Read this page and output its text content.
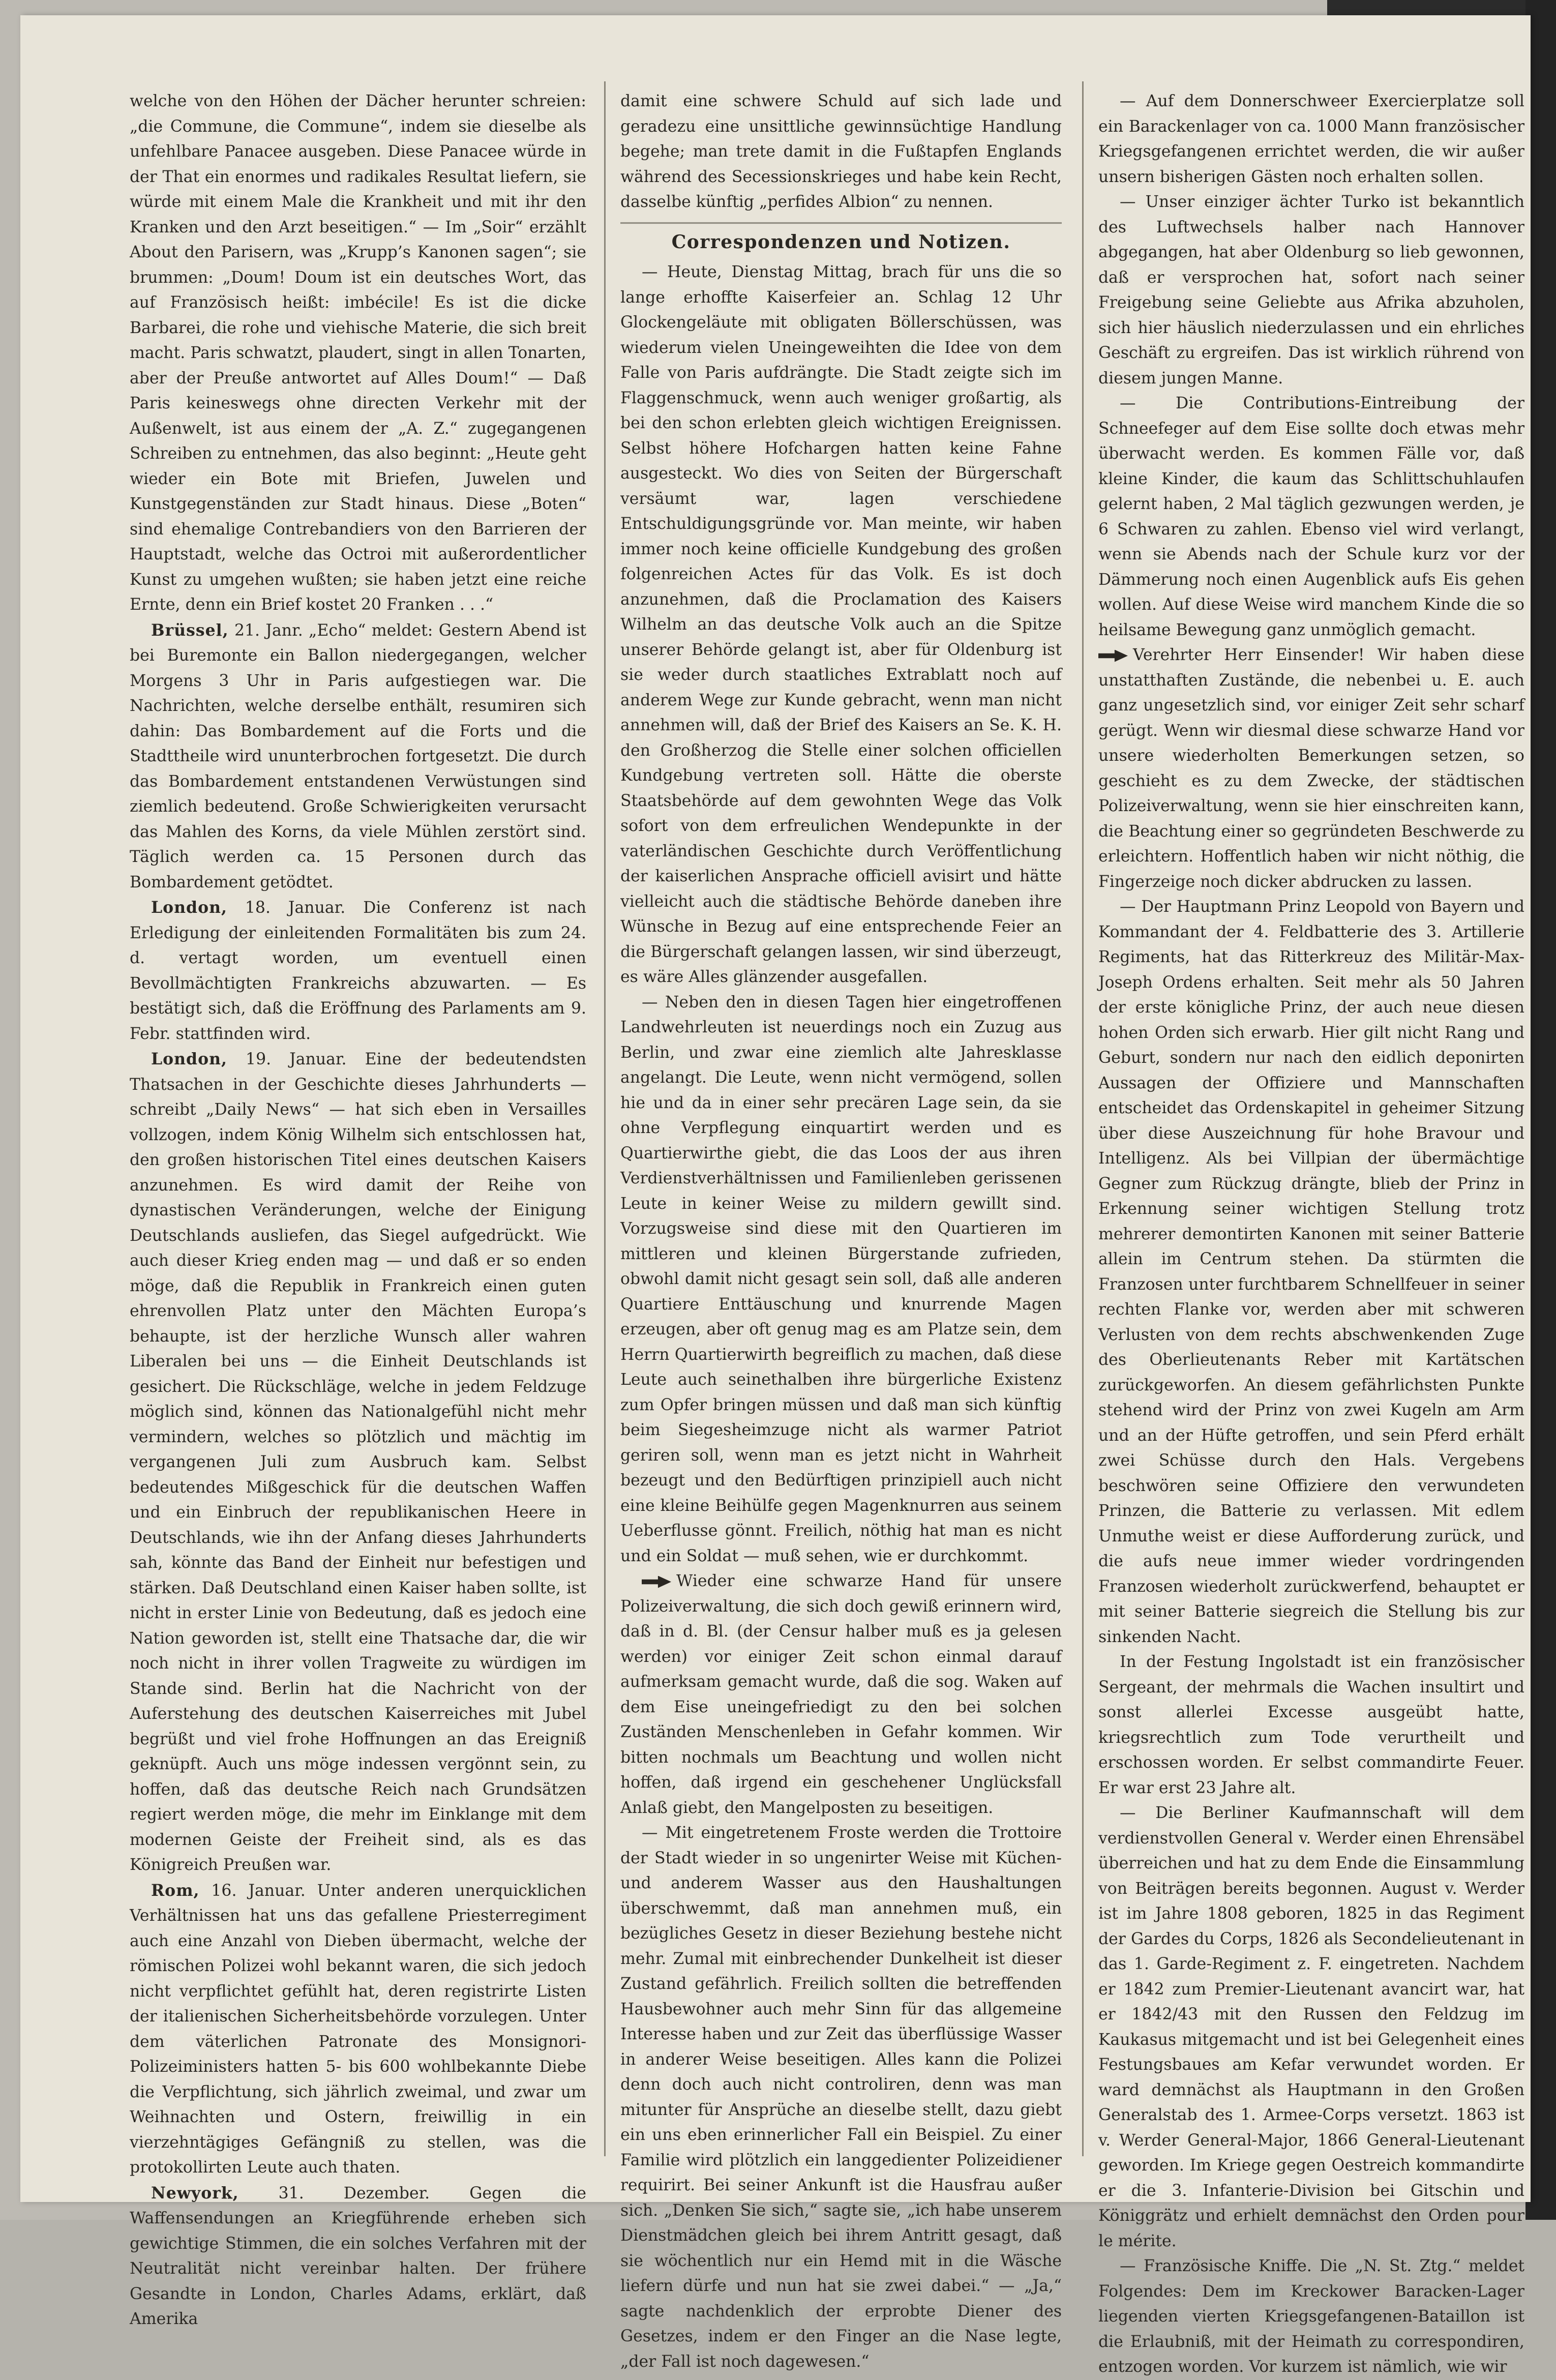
welche von den Höhen der Dächer herunter schreien: „die Commune, die Commune“, indem sie dieselbe als unfehlbare Panacee ausgeben. Diese Panacee würde in der That ein enormes und radikales Resultat liefern, sie würde mit einem Male die Krankheit und mit ihr den Kranken und den Arzt beseitigen.“ — Im „Soir“ erzählt About den Parisern, was „Krupp’s Kanonen sagen“; sie brummen: „Doum! Doum ist ein deutsches Wort, das auf Französisch heißt: imbécile! Es ist die dicke Barbarei, die rohe und viehische Materie, die sich breit macht. Paris schwatzt, plaudert, singt in allen Tonarten, aber der Preuße antwortet auf Alles Doum!“ — Daß Paris keineswegs ohne directen Verkehr mit der Außenwelt, ist aus einem der „A. Z.“ zugegangenen Schreiben zu entnehmen, das also beginnt: „Heute geht wieder ein Bote mit Briefen, Juwelen und Kunstgegenständen zur Stadt hinaus. Diese „Boten“ sind ehemalige Contrebandiers von den Barrieren der Hauptstadt, welche das Octroi mit außerordentlicher Kunst zu umgehen wußten; sie haben jetzt eine reiche Ernte, denn ein Brief kostet 20 Franken . . .“

Brüssel, 21. Janr. „Echo“ meldet: Gestern Abend ist bei Buremonte ein Ballon niedergegangen, welcher Morgens 3 Uhr in Paris aufgestiegen war. Die Nachrichten, welche derselbe enthält, resumiren sich dahin: Das Bombardement auf die Forts und die Stadttheile wird ununterbrochen fortgesetzt. Die durch das Bombardement entstandenen Verwüstungen sind ziemlich bedeutend. Große Schwierigkeiten verursacht das Mahlen des Korns, da viele Mühlen zerstört sind. Täglich werden ca. 15 Personen durch das Bombardement getödtet.

London, 18. Januar. Die Conferenz ist nach Erledigung der einleitenden Formalitäten bis zum 24. d. vertagt worden, um eventuell einen Bevollmächtigten Frankreichs abzuwarten. — Es bestätigt sich, daß die Eröffnung des Parlaments am 9. Febr. stattfinden wird.

London, 19. Januar. Eine der bedeutendsten Thatsachen in der Geschichte dieses Jahrhunderts — schreibt „Daily News“ — hat sich eben in Versailles vollzogen, indem König Wilhelm sich entschlossen hat, den großen historischen Titel eines deutschen Kaisers anzunehmen. Es wird damit der Reihe von dynastischen Veränderungen, welche der Einigung Deutschlands ausliefen, das Siegel aufgedrückt. Wie auch dieser Krieg enden mag — und daß er so enden möge, daß die Republik in Frankreich einen guten ehrenvollen Platz unter den Mächten Europa’s behaupte, ist der herzliche Wunsch aller wahren Liberalen bei uns — die Einheit Deutschlands ist gesichert. Die Rückschläge, welche in jedem Feldzuge möglich sind, können das Nationalgefühl nicht mehr vermindern, welches so plötzlich und mächtig im vergangenen Juli zum Ausbruch kam. Selbst bedeutendes Mißgeschick für die deutschen Waffen und ein Einbruch der republikanischen Heere in Deutschlands, wie ihn der Anfang dieses Jahrhunderts sah, könnte das Band der Einheit nur befestigen und stärken. Daß Deutschland einen Kaiser haben sollte, ist nicht in erster Linie von Bedeutung, daß es jedoch eine Nation geworden ist, stellt eine Thatsache dar, die wir noch nicht in ihrer vollen Tragweite zu würdigen im Stande sind. Berlin hat die Nachricht von der Auferstehung des deutschen Kaiserreiches mit Jubel begrüßt und viel frohe Hoffnungen an das Ereigniß geknüpft. Auch uns möge indessen vergönnt sein, zu hoffen, daß das deutsche Reich nach Grundsätzen regiert werden möge, die mehr im Einklange mit dem modernen Geiste der Freiheit sind, als es das Königreich Preußen war.

Rom, 16. Januar. Unter anderen unerquicklichen Verhältnissen hat uns das gefallene Priesterregiment auch eine Anzahl von Dieben übermacht, welche der römischen Polizei wohl bekannt waren, die sich jedoch nicht verpflichtet gefühlt hat, deren registrirte Listen der italienischen Sicherheitsbehörde vorzulegen. Unter dem väterlichen Patronate des Monsignori-Polizeiministers hatten 5- bis 600 wohlbekannte Diebe die Verpflichtung, sich jährlich zweimal, und zwar um Weihnachten und Ostern, freiwillig in ein vierzehntägiges Gefängniß zu stellen, was die protokollirten Leute auch thaten.

Newyork, 31. Dezember. Gegen die Waffensendungen an Kriegführende erheben sich gewichtige Stimmen, die ein solches Verfahren mit der Neutralität nicht vereinbar halten. Der frühere Gesandte in London, Charles Adams, erklärt, daß Amerika

damit eine schwere Schuld auf sich lade und geradezu eine unsittliche gewinnsüchtige Handlung begehe; man trete damit in die Fußtapfen Englands während des Secessionskrieges und habe kein Recht, dasselbe künftig „perfides Albion“ zu nennen.

Correspondenzen und Notizen.

— Heute, Dienstag Mittag, brach für uns die so lange erhoffte Kaiserfeier an. Schlag 12 Uhr Glockengeläute mit obligaten Böllerschüssen, was wiederum vielen Uneingeweihten die Idee von dem Falle von Paris aufdrängte. Die Stadt zeigte sich im Flaggenschmuck, wenn auch weniger großartig, als bei den schon erlebten gleich wichtigen Ereignissen. Selbst höhere Hofchargen hatten keine Fahne ausgesteckt. Wo dies von Seiten der Bürgerschaft versäumt war, lagen verschiedene Entschuldigungsgründe vor. Man meinte, wir haben immer noch keine officielle Kundgebung des großen folgenreichen Actes für das Volk. Es ist doch anzunehmen, daß die Proclamation des Kaisers Wilhelm an das deutsche Volk auch an die Spitze unserer Behörde gelangt ist, aber für Oldenburg ist sie weder durch staatliches Extrablatt noch auf anderem Wege zur Kunde gebracht, wenn man nicht annehmen will, daß der Brief des Kaisers an Se. K. H. den Großherzog die Stelle einer solchen officiellen Kundgebung vertreten soll. Hätte die oberste Staatsbehörde auf dem gewohnten Wege das Volk sofort von dem erfreulichen Wendepunkte in der vaterländischen Geschichte durch Veröffentlichung der kaiserlichen Ansprache officiell avisirt und hätte vielleicht auch die städtische Behörde daneben ihre Wünsche in Bezug auf eine entsprechende Feier an die Bürgerschaft gelangen lassen, wir sind überzeugt, es wäre Alles glänzender ausgefallen.

— Neben den in diesen Tagen hier eingetroffenen Landwehrleuten ist neuerdings noch ein Zuzug aus Berlin, und zwar eine ziemlich alte Jahresklasse angelangt. Die Leute, wenn nicht vermögend, sollen hie und da in einer sehr precären Lage sein, da sie ohne Verpflegung einquartirt werden und es Quartierwirthe giebt, die das Loos der aus ihren Verdienstverhältnissen und Familienleben gerissenen Leute in keiner Weise zu mildern gewillt sind. Vorzugsweise sind diese mit den Quartieren im mittleren und kleinen Bürgerstande zufrieden, obwohl damit nicht gesagt sein soll, daß alle anderen Quartiere Enttäuschung und knurrende Magen erzeugen, aber oft genug mag es am Platze sein, dem Herrn Quartierwirth begreiflich zu machen, daß diese Leute auch seinethalben ihre bürgerliche Existenz zum Opfer bringen müssen und daß man sich künftig beim Siegesheimzuge nicht als warmer Patriot geriren soll, wenn man es jetzt nicht in Wahrheit bezeugt und den Bedürftigen prinzipiell auch nicht eine kleine Beihülfe gegen Magenknurren aus seinem Ueberflusse gönnt. Freilich, nöthig hat man es nicht und ein Soldat — muß sehen, wie er durchkommt.

Wieder eine schwarze Hand für unsere Polizeiverwaltung, die sich doch gewiß erinnern wird, daß in d. Bl. (der Censur halber muß es ja gelesen werden) vor einiger Zeit schon einmal darauf aufmerksam gemacht wurde, daß die sog. Waken auf dem Eise uneingefriedigt zu den bei solchen Zuständen Menschenleben in Gefahr kommen. Wir bitten nochmals um Beachtung und wollen nicht hoffen, daß irgend ein geschehener Unglücksfall Anlaß giebt, den Mangelposten zu beseitigen.

— Mit eingetretenem Froste werden die Trottoire der Stadt wieder in so ungenirter Weise mit Küchen- und anderem Wasser aus den Haushaltungen überschwemmt, daß man annehmen muß, ein bezügliches Gesetz in dieser Beziehung bestehe nicht mehr. Zumal mit einbrechender Dunkelheit ist dieser Zustand gefährlich. Freilich sollten die betreffenden Hausbewohner auch mehr Sinn für das allgemeine Interesse haben und zur Zeit das überflüssige Wasser in anderer Weise beseitigen. Alles kann die Polizei denn doch auch nicht controliren, denn was man mitunter für Ansprüche an dieselbe stellt, dazu giebt ein uns eben erinnerlicher Fall ein Beispiel. Zu einer Familie wird plötzlich ein langgedienter Polizeidiener requirirt. Bei seiner Ankunft ist die Hausfrau außer sich. „Denken Sie sich,“ sagte sie, „ich habe unserem Dienstmädchen gleich bei ihrem Antritt gesagt, daß sie wöchentlich nur ein Hemd mit in die Wäsche liefern dürfe und nun hat sie zwei dabei.“ — „Ja,“ sagte nachdenklich der erprobte Diener des Gesetzes, indem er den Finger an die Nase legte, „der Fall ist noch dagewesen.“

— Auf dem Donnerschweer Exercierplatze soll ein Barackenlager von ca. 1000 Mann französischer Kriegsgefangenen errichtet werden, die wir außer unsern bisherigen Gästen noch erhalten sollen.

— Unser einziger ächter Turko ist bekanntlich des Luftwechsels halber nach Hannover abgegangen, hat aber Oldenburg so lieb gewonnen, daß er versprochen hat, sofort nach seiner Freigebung seine Geliebte aus Afrika abzuholen, sich hier häuslich niederzulassen und ein ehrliches Geschäft zu ergreifen. Das ist wirklich rührend von diesem jungen Manne.

— Die Contributions-Eintreibung der Schneefeger auf dem Eise sollte doch etwas mehr überwacht werden. Es kommen Fälle vor, daß kleine Kinder, die kaum das Schlittschuhlaufen gelernt haben, 2 Mal täglich gezwungen werden, je 6 Schwaren zu zahlen. Ebenso viel wird verlangt, wenn sie Abends nach der Schule kurz vor der Dämmerung noch einen Augenblick aufs Eis gehen wollen. Auf diese Weise wird manchem Kinde die so heilsame Bewegung ganz unmöglich gemacht.

Verehrter Herr Einsender! Wir haben diese unstatthaften Zustände, die nebenbei u. E. auch ganz ungesetzlich sind, vor einiger Zeit sehr scharf gerügt. Wenn wir diesmal diese schwarze Hand vor unsere wiederholten Bemerkungen setzen, so geschieht es zu dem Zwecke, der städtischen Polizeiverwaltung, wenn sie hier einschreiten kann, die Beachtung einer so gegründeten Beschwerde zu erleichtern. Hoffentlich haben wir nicht nöthig, die Fingerzeige noch dicker abdrucken zu lassen.

— Der Hauptmann Prinz Leopold von Bayern und Kommandant der 4. Feldbatterie des 3. Artillerie Regiments, hat das Ritterkreuz des Militär-Max-Joseph Ordens erhalten. Seit mehr als 50 Jahren der erste königliche Prinz, der auch neue diesen hohen Orden sich erwarb. Hier gilt nicht Rang und Geburt, sondern nur nach den eidlich deponirten Aussagen der Offiziere und Mannschaften entscheidet das Ordenskapitel in geheimer Sitzung über diese Auszeichnung für hohe Bravour und Intelligenz. Als bei Villpian der übermächtige Gegner zum Rückzug drängte, blieb der Prinz in Erkennung seiner wichtigen Stellung trotz mehrerer demontirten Kanonen mit seiner Batterie allein im Centrum stehen. Da stürmten die Franzosen unter furchtbarem Schnellfeuer in seiner rechten Flanke vor, werden aber mit schweren Verlusten von dem rechts abschwenkenden Zuge des Oberlieutenants Reber mit Kartätschen zurückgeworfen. An diesem gefährlichsten Punkte stehend wird der Prinz von zwei Kugeln am Arm und an der Hüfte getroffen, und sein Pferd erhält zwei Schüsse durch den Hals. Vergebens beschwören seine Offiziere den verwundeten Prinzen, die Batterie zu verlassen. Mit edlem Unmuthe weist er diese Aufforderung zurück, und die aufs neue immer wieder vordringenden Franzosen wiederholt zurückwerfend, behauptet er mit seiner Batterie siegreich die Stellung bis zur sinkenden Nacht.

In der Festung Ingolstadt ist ein französischer Sergeant, der mehrmals die Wachen insultirt und sonst allerlei Excesse ausgeübt hatte, kriegsrechtlich zum Tode verurtheilt und erschossen worden. Er selbst commandirte Feuer. Er war erst 23 Jahre alt.

— Die Berliner Kaufmannschaft will dem verdienstvollen General v. Werder einen Ehrensäbel überreichen und hat zu dem Ende die Einsammlung von Beiträgen bereits begonnen. August v. Werder ist im Jahre 1808 geboren, 1825 in das Regiment der Gardes du Corps, 1826 als Secondelieutenant in das 1. Garde-Regiment z. F. eingetreten. Nachdem er 1842 zum Premier-Lieutenant avancirt war, hat er 1842/43 mit den Russen den Feldzug im Kaukasus mitgemacht und ist bei Gelegenheit eines Festungsbaues am Kefar verwundet worden. Er ward demnächst als Hauptmann in den Großen Generalstab des 1. Armee-Corps versetzt. 1863 ist v. Werder General-Major, 1866 General-Lieutenant geworden. Im Kriege gegen Oestreich kommandirte er die 3. Infanterie-Division bei Gitschin und Königgrätz und erhielt demnächst den Orden pour le mérite.

— Französische Kniffe. Die „N. St. Ztg.“ meldet Folgendes: Dem im Kreckower Baracken-Lager liegenden vierten Kriegsgefangenen-Bataillon ist die Erlaubniß, mit der Heimath zu correspondiren, entzogen worden. Vor kurzem ist nämlich, wie wir
